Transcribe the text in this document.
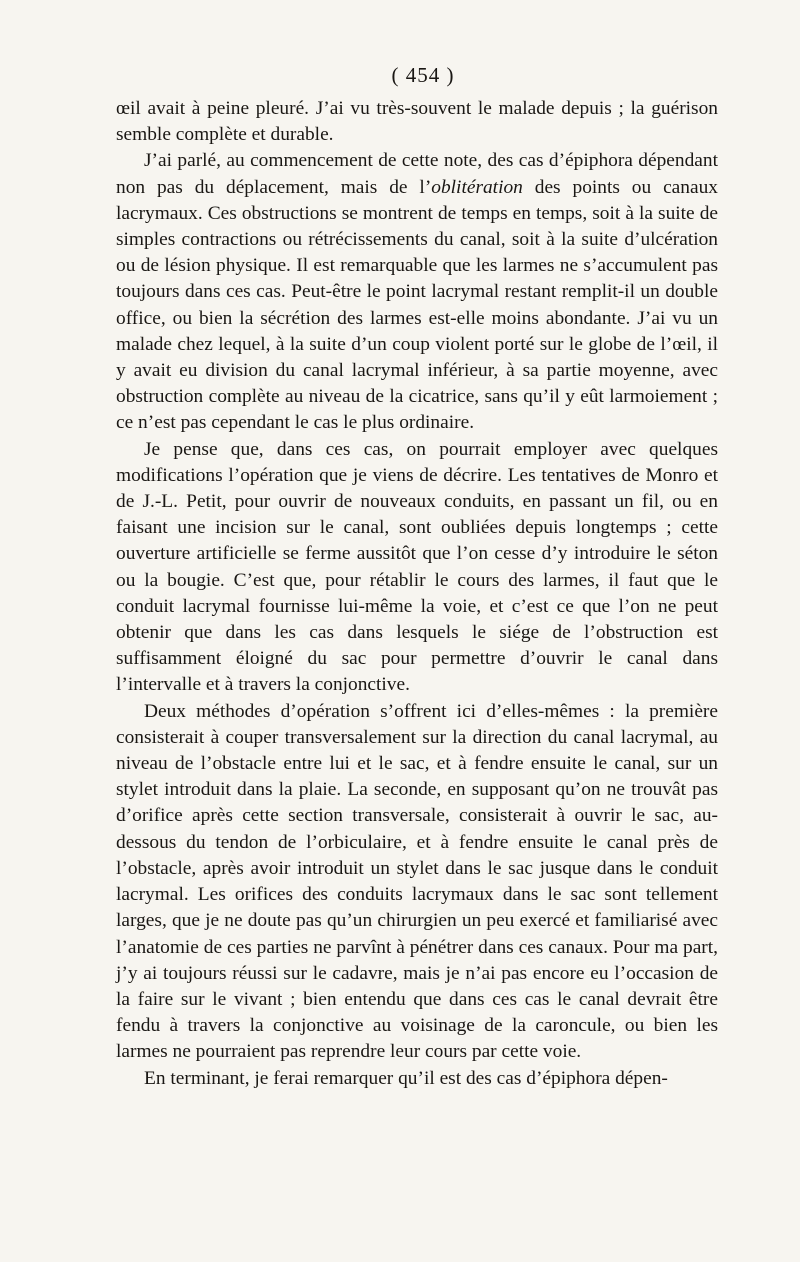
( 454 )

œil avait à peine pleuré. J’ai vu très-souvent le malade depuis ; la guérison semble complète et durable.

J’ai parlé, au commencement de cette note, des cas d’épiphora dépendant non pas du déplacement, mais de l’oblitération des points ou canaux lacrymaux. Ces obstructions se montrent de temps en temps, soit à la suite de simples contractions ou rétrécissements du canal, soit à la suite d’ulcération ou de lésion physique. Il est remarquable que les larmes ne s’accumulent pas toujours dans ces cas. Peut-être le point lacrymal restant remplit-il un double office, ou bien la sécrétion des larmes est-elle moins abondante. J’ai vu un malade chez lequel, à la suite d’un coup violent porté sur le globe de l’œil, il y avait eu division du canal lacrymal inférieur, à sa partie moyenne, avec obstruction complète au niveau de la cicatrice, sans qu’il y eût larmoiement ; ce n’est pas cependant le cas le plus ordinaire.

Je pense que, dans ces cas, on pourrait employer avec quelques modifications l’opération que je viens de décrire. Les tentatives de Monro et de J.-L. Petit, pour ouvrir de nouveaux conduits, en passant un fil, ou en faisant une incision sur le canal, sont oubliées depuis longtemps ; cette ouverture artificielle se ferme aussitôt que l’on cesse d’y introduire le séton ou la bougie. C’est que, pour rétablir le cours des larmes, il faut que le conduit lacrymal fournisse lui-même la voie, et c’est ce que l’on ne peut obtenir que dans les cas dans lesquels le siége de l’obstruction est suffisamment éloigné du sac pour permettre d’ouvrir le canal dans l’intervalle et à travers la conjonctive.

Deux méthodes d’opération s’offrent ici d’elles-mêmes : la première consisterait à couper transversalement sur la direction du canal lacrymal, au niveau de l’obstacle entre lui et le sac, et à fendre ensuite le canal, sur un stylet introduit dans la plaie. La seconde, en supposant qu’on ne trouvât pas d’orifice après cette section transversale, consisterait à ouvrir le sac, au-dessous du tendon de l’orbiculaire, et à fendre ensuite le canal près de l’obstacle, après avoir introduit un stylet dans le sac jusque dans le conduit lacrymal. Les orifices des conduits lacrymaux dans le sac sont tellement larges, que je ne doute pas qu’un chirurgien un peu exercé et familiarisé avec l’anatomie de ces parties ne parvînt à pénétrer dans ces canaux. Pour ma part, j’y ai toujours réussi sur le cadavre, mais je n’ai pas encore eu l’occasion de la faire sur le vivant ; bien entendu que dans ces cas le canal devrait être fendu à travers la conjonctive au voisinage de la caroncule, ou bien les larmes ne pourraient pas reprendre leur cours par cette voie.

En terminant, je ferai remarquer qu’il est des cas d’épiphora dépen-
